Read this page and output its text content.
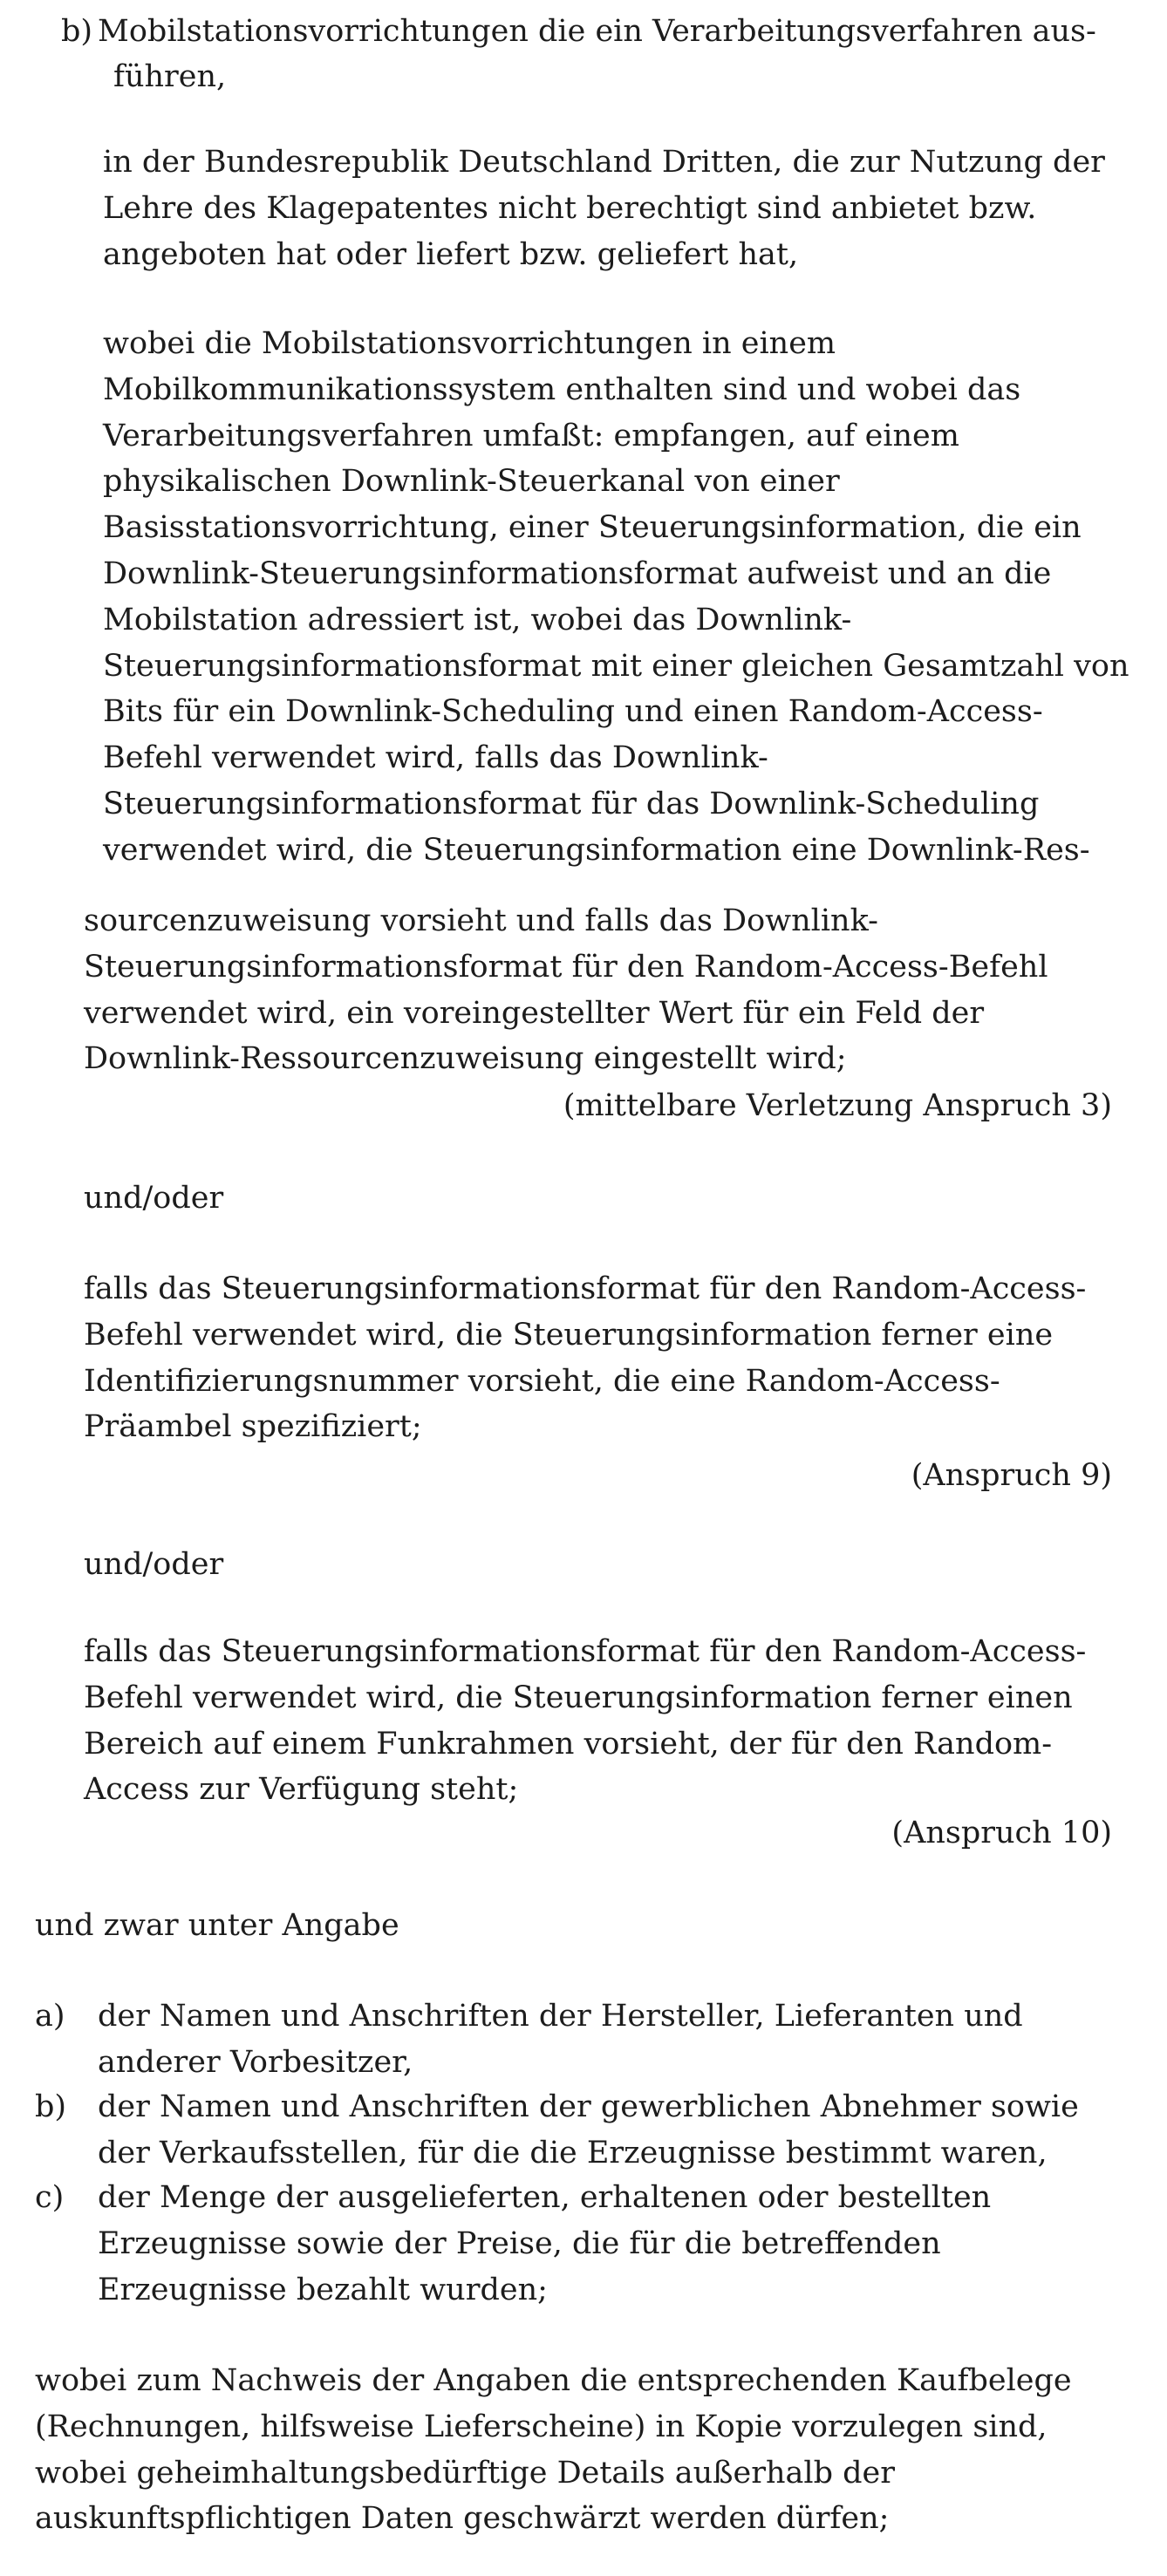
b) Mobilstationsvorrichtungen die ein Verarbeitungsverfahren aus-
führen,

in der Bundesrepublik Deutschland Dritten, die zur Nutzung der Lehre des Klagepatentes nicht berechtigt sind anbietet bzw. angeboten hat oder liefert bzw. geliefert hat,

wobei die Mobilstationsvorrichtungen in einem Mobilkommunikationssystem enthalten sind und wobei das Verarbeitungsverfahren umfaßt: empfangen, auf einem physikalischen Downlink-Steuerkanal von einer Basisstationsvorrichtung, einer Steuerungsinformation, die ein Downlink-Steuerungsinformationsformat aufweist und an die Mobilstation adressiert ist, wobei das Downlink-Steuerungsinformationsformat mit einer gleichen Gesamtzahl von Bits für ein Downlink-Scheduling und einen Random-Access-Befehl verwendet wird, falls das Downlink-Steuerungsinformationsformat für das Downlink-Scheduling verwendet wird, die Steuerungsinformation eine Downlink-Res-

sourcenzuweisung vorsieht und falls das Downlink-Steuerungsinformationsformat für den Random-Access-Befehl verwendet wird, ein voreingestellter Wert für ein Feld der Downlink-Ressourcenzuweisung eingestellt wird;

(mittelbare Verletzung Anspruch 3)
und/oder

falls das Steuerungsinformationsformat für den Random-Access-Befehl verwendet wird, die Steuerungsinformation ferner eine Identifizierungsnummer vorsieht, die eine Random-Access-Präambel spezifiziert;

(Anspruch 9)
und/oder

falls das Steuerungsinformationsformat für den Random-Access-Befehl verwendet wird, die Steuerungsinformation ferner einen Bereich auf einem Funkrahmen vorsieht, der für den Random-Access zur Verfügung steht;

(Anspruch 10)
und zwar unter Angabe
a) der Namen und Anschriften der Hersteller, Lieferanten und anderer Vorbesitzer,

b) der Namen und Anschriften der gewerblichen Abnehmer sowie der Verkaufsstellen, für die die Erzeugnisse bestimmt waren,

c) der Menge der ausgelieferten, erhaltenen oder bestellten Erzeugnisse sowie der Preise, die für die betreffenden Erzeugnisse bezahlt wurden;

wobei zum Nachweis der Angaben die entsprechenden Kaufbelege (Rechnungen, hilfsweise Lieferscheine) in Kopie vorzulegen sind, wobei geheimhaltungsbedürftige Details außerhalb der auskunftspflichtigen Daten geschwärzt werden dürfen;
